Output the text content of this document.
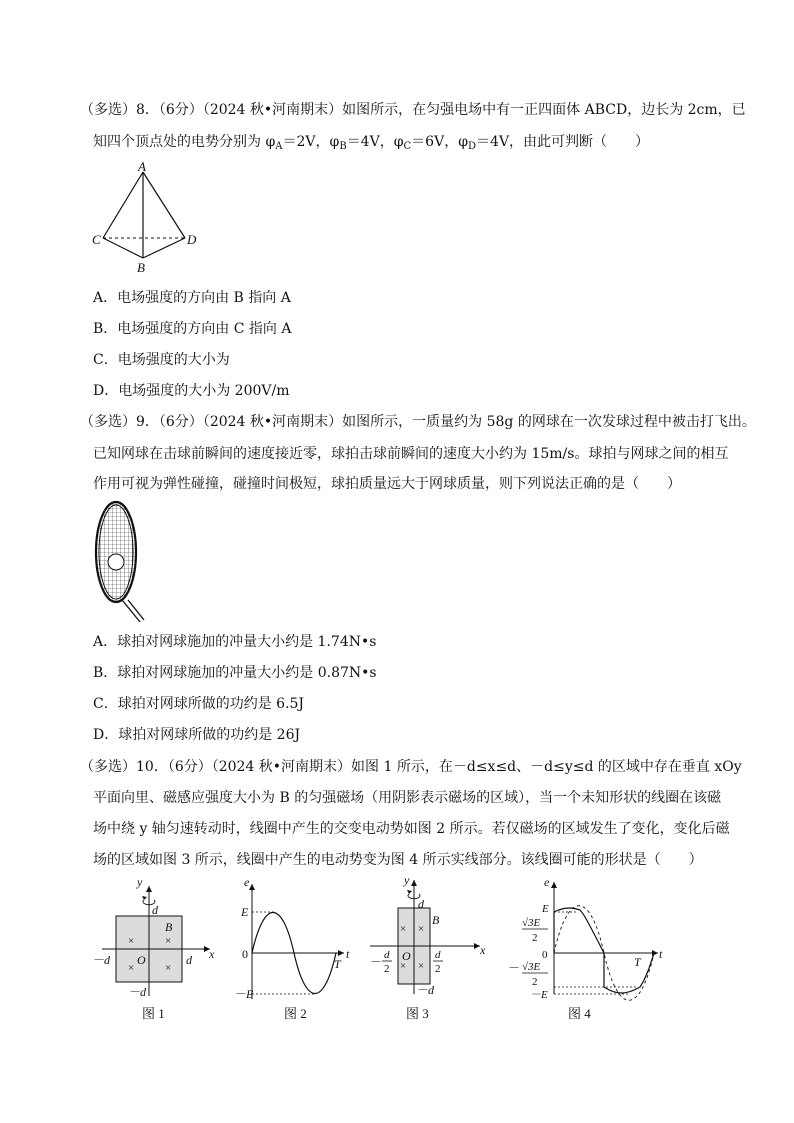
（多选）8．（6分）（2024 秋•河南期末）如图所示，在匀强电场中有一正四面体 ABCD，边长为 2cm，已
知四个顶点处的电势分别为 $\varphi_A=2V$，$\varphi_B=4V$，$\varphi_C=6V$，$\varphi_D=4V$，由此可判断（　　）
A
C	D
B
A．电场强度的方向由 B 指向 A
B．电场强度的方向由 C 指向 A
C．电场强度的大小为
D．电场强度的大小为 200V/m
（多选）9．（6分）（2024 秋•河南期末）如图所示，一质量约为 58g 的网球在一次发球过程中被击打飞出。
已知网球在击球前瞬间的速度接近零，球拍击球前瞬间的速度大小约为 15m/s。球拍与网球之间的相互
作用可视为弹性碰撞，碰撞时间极短，球拍质量远大于网球质量，则下列说法正确的是（　　）
A．球拍对网球施加的冲量大小约是 1.74N•s
B．球拍对网球施加的冲量大小约是 0.87N•s
C．球拍对网球所做的功约是 6.5J
D．球拍对网球所做的功约是 26J
（多选）10．（6分）（2024 秋•河南期末）如图 1 所示，在－d≤x≤d、－d≤y≤d 的区域中存在垂直 xOy
平面向里、磁感应强度大小为 B 的匀强磁场（用阴影表示磁场的区域），当一个未知形状的线圈在该磁
场中绕 y 轴匀速转动时，线圈中产生的交变电动势如图 2 所示。若仅磁场的区域发生了变化，变化后磁
场的区域如图 3 所示，线圈中产生的电动势变为图 4 所示实线部分。该线圈可能的形状是（　　）
y
d
B
×	×
×	×
－d O	d x
－d
图 1
e
E
0
T
t
－E
图 2
y
d
B
x
× ×
× ×
O
－ d
2
d
2
－d
图 3
e
E
√3E
2
0
－ √3E
2
－E
T
t
图 4
